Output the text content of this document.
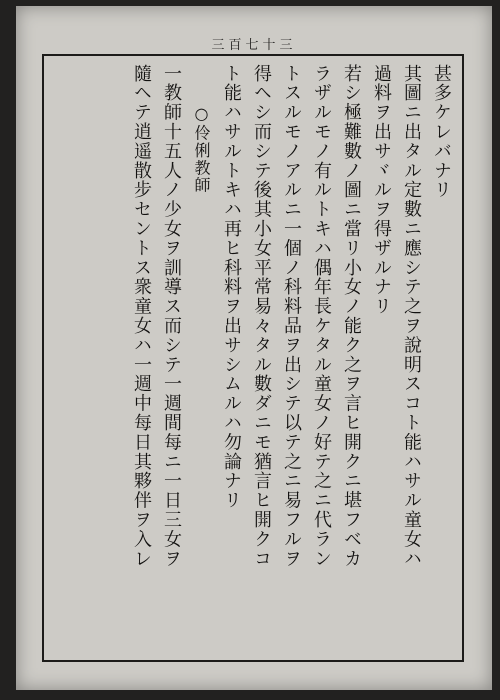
三百七十三
甚多ケレバナリ
其圖ニ出タル定數ニ應シテ之ヲ說明スコト能ハサル童女ハ
過料ヲ出サヾルヲ得ザルナリ
若シ極難數ノ圖ニ當リ小女ノ能ク之ヲ言ヒ開クニ堪フベカ
ラザルモノ有ルトキハ偶年長ケタル童女ノ好テ之ニ代ラン
トスルモノアルニ一個ノ科料品ヲ出シテ以テ之ニ易フルヲ
得ヘシ而シテ後其小女平常易々タル數ダニモ猶言ヒ開クコ
ト能ハサルトキハ再ヒ科料ヲ出サシムルハ勿論ナリ
○伶俐教師
一教師十五人ノ少女ヲ訓導ス而シテ一週間每ニ一日三女ヲ
隨ヘテ逍遥散步セントス衆童女ハ一週中每日其夥伴ヲ入レ
